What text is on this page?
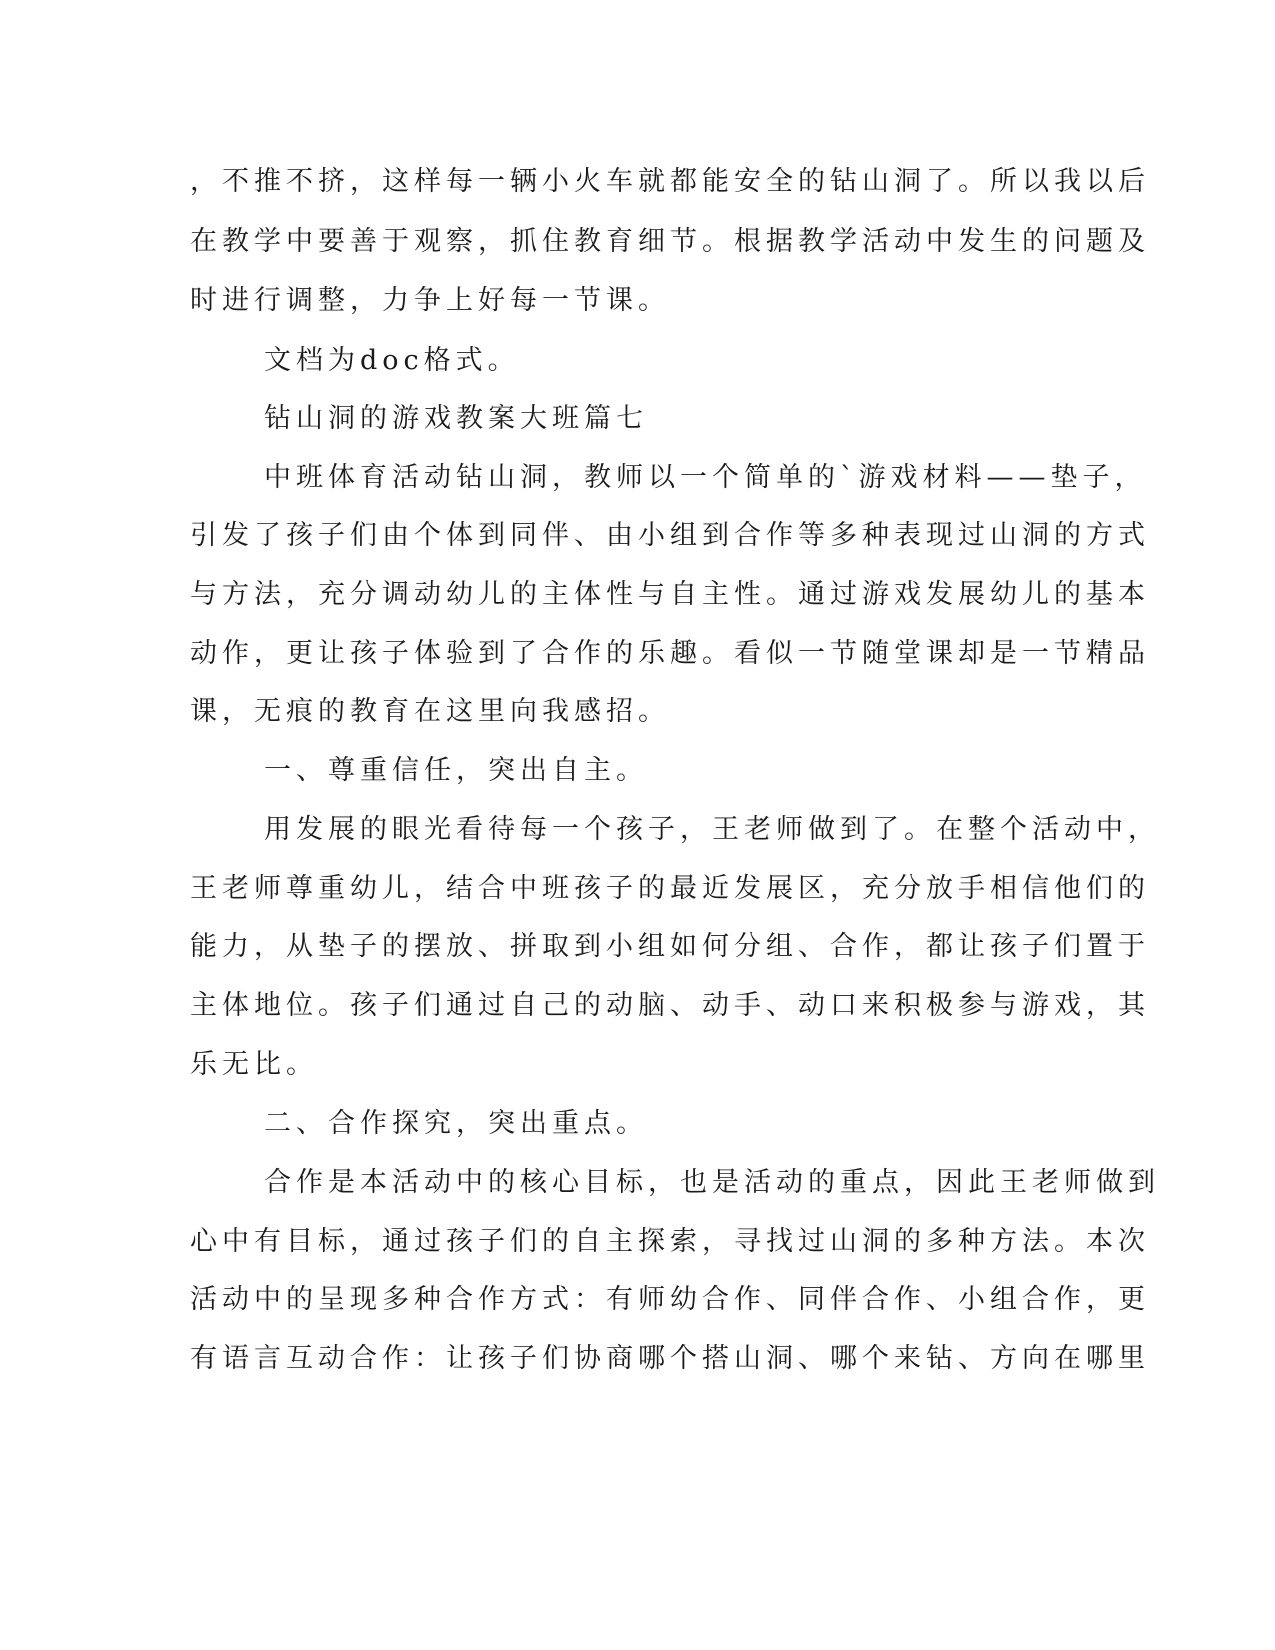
，不推不挤，这样每一辆小火车就都能安全的钻山洞了。所以我以后
在教学中要善于观察，抓住教育细节。根据教学活动中发生的问题及
时进行调整，力争上好每一节课。
文档为doc格式。
钻山洞的游戏教案大班篇七
中班体育活动钻山洞，教师以一个简单的`游戏材料——垫子，
引发了孩子们由个体到同伴、由小组到合作等多种表现过山洞的方式
与方法，充分调动幼儿的主体性与自主性。通过游戏发展幼儿的基本
动作，更让孩子体验到了合作的乐趣。看似一节随堂课却是一节精品
课，无痕的教育在这里向我感招。
一、尊重信任，突出自主。
用发展的眼光看待每一个孩子，王老师做到了。在整个活动中，
王老师尊重幼儿，结合中班孩子的最近发展区，充分放手相信他们的
能力，从垫子的摆放、拼取到小组如何分组、合作，都让孩子们置于
主体地位。孩子们通过自己的动脑、动手、动口来积极参与游戏，其
乐无比。
二、合作探究，突出重点。
合作是本活动中的核心目标，也是活动的重点，因此王老师做到
心中有目标，通过孩子们的自主探索，寻找过山洞的多种方法。本次
活动中的呈现多种合作方式：有师幼合作、同伴合作、小组合作，更
有语言互动合作：让孩子们协商哪个搭山洞、哪个来钻、方向在哪里
